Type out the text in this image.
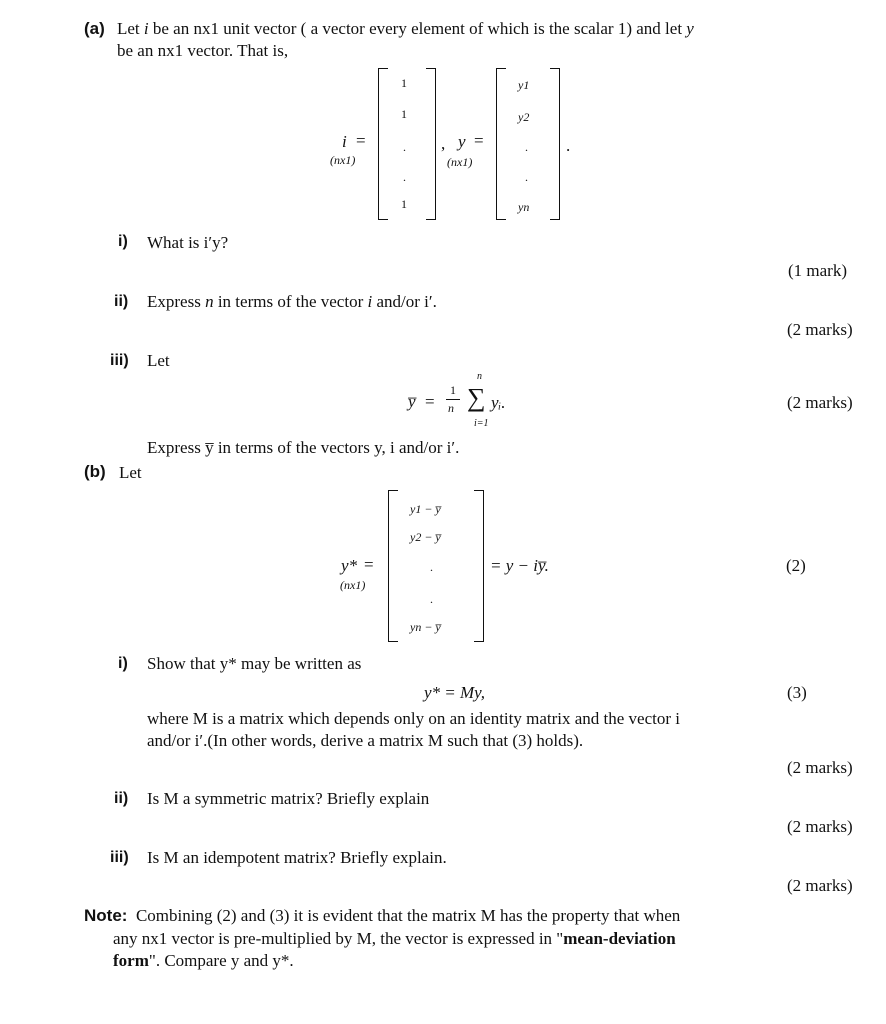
(a) Let i be an nx1 unit vector ( a vector every element of which is the scalar 1) and let y
be an nx1 vector. That is,
i =
(nx1)
1
1
.
.
1
, y =
(nx1)
y1
y2
.
.
yn
.
i) What is i′y?
(1 mark)
ii) Express n in terms of the vector i and/or i′.
(2 marks)
iii) Let
y̅ =
1
n
n
∑
i=1
yᵢ.	(2 marks)
Express y̅ in terms of the vectors y, i and/or i′.
(b) Let
y* =
(nx1)
y1 − y̅
y2 − y̅
.
.
yn − y̅
= y − iy̅.	(2)
i) Show that y* may be written as
y* = My,	(3)
where M is a matrix which depends only on an identity matrix and the vector i
and/or i′.(In other words, derive a matrix M such that (3) holds).
(2 marks)
ii) Is M a symmetric matrix? Briefly explain
(2 marks)
iii) Is M an idempotent matrix? Briefly explain.
(2 marks)
Note: Combining (2) and (3) it is evident that the matrix M has the property that when
any nx1 vector is pre-multiplied by M, the vector is expressed in "mean-deviation
form". Compare y and y*.
